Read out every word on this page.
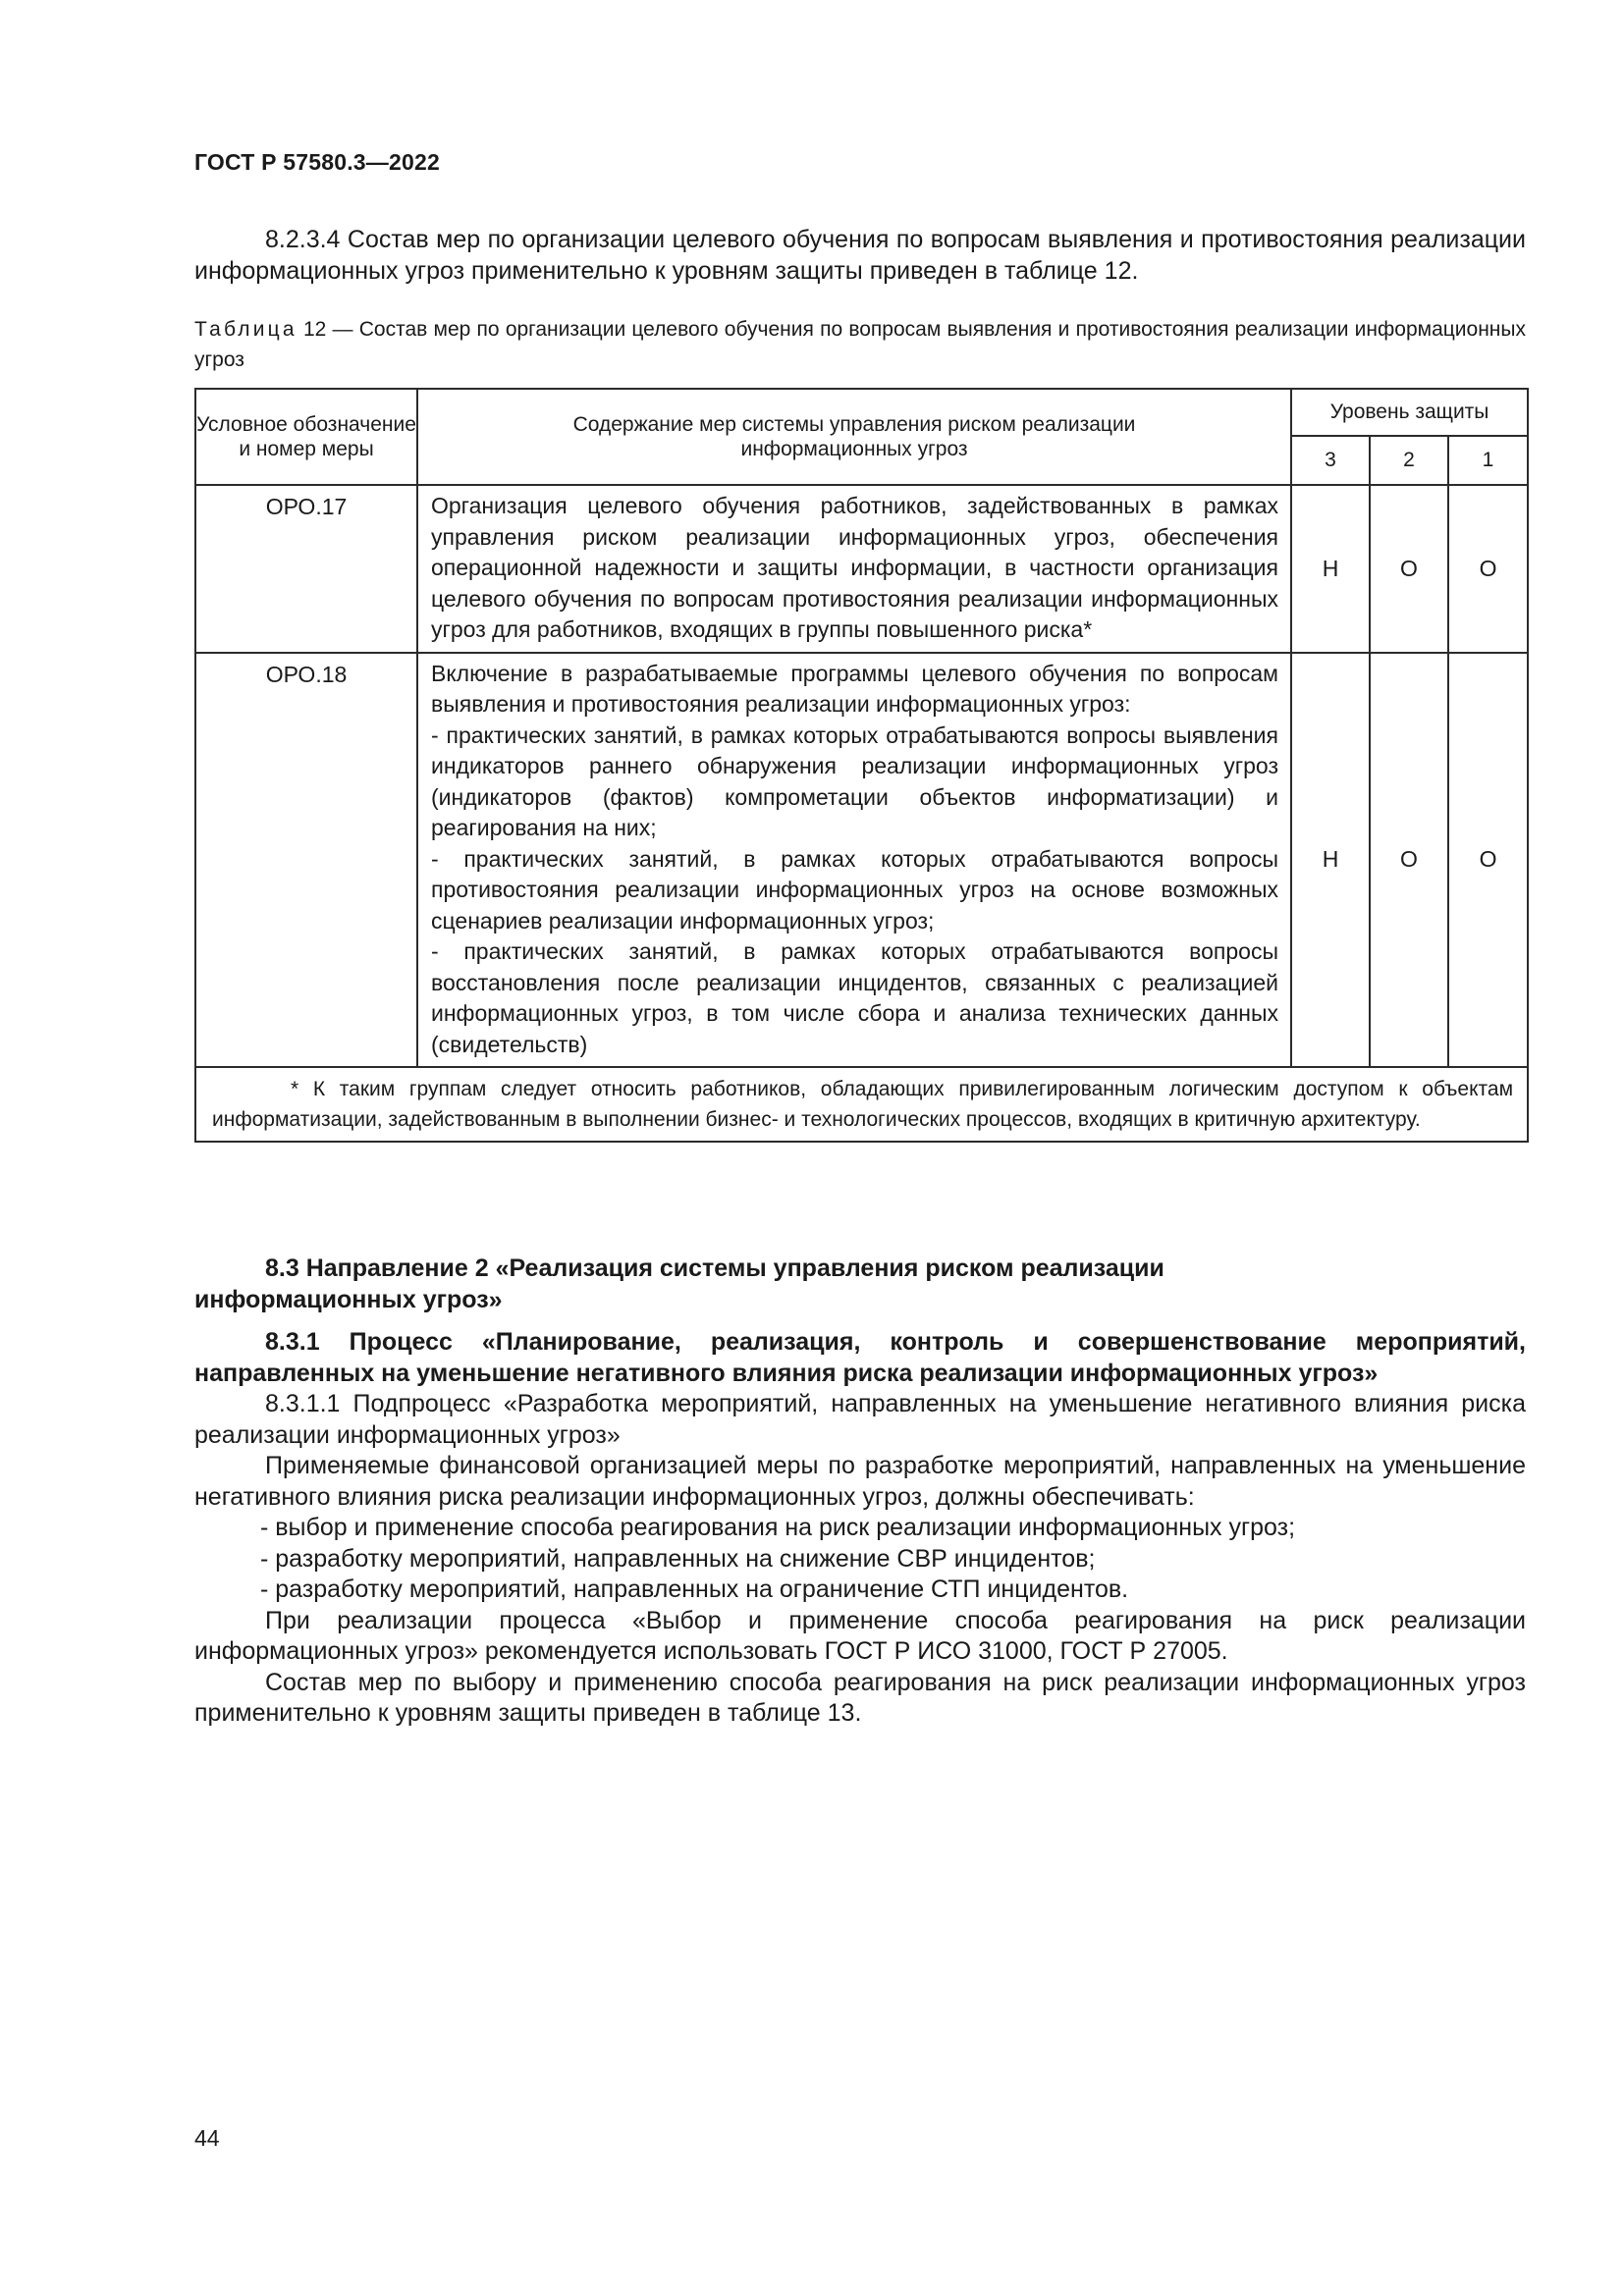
ГОСТ Р 57580.3—2022

8.2.3.4 Состав мер по организации целевого обучения по вопросам выявления и противостояния реализации информационных угроз применительно к уровням защиты приведен в таблице 12.

Таблица 12 — Состав мер по организации целевого обучения по вопросам выявления и противостояния реализации информационных угроз
Условное обозначение и номер меры	Содержание мер системы управления риском реализации информационных угроз	Уровень защиты		
		3	2	1
ОРО.17	Организация целевого обучения работников, задействованных в рамках управления риском реализации информационных угроз, обеспечения операционной надежности и защиты информации, в частности организация целевого обучения по вопросам противостояния реализации информационных угроз для работников, входящих в группы повышенного риска*	Н	О	О
ОРО.18	Включение в разрабатываемые программы целевого обучения по вопросам выявления и противостояния реализации информационных угроз:
- практических занятий, в рамках которых отрабатываются вопросы выявления индикаторов раннего обнаружения реализации информационных угроз (индикаторов (фактов) компрометации объектов информатизации) и реагирования на них;
- практических занятий, в рамках которых отрабатываются вопросы противостояния реализации информационных угроз на основе возможных сценариев реализации информационных угроз;
- практических занятий, в рамках которых отрабатываются вопросы восстановления после реализации инцидентов, связанных с реализацией информационных угроз, в том числе сбора и анализа технических данных (свидетельств)	Н	О	О

* К таким группам следует относить работников, обладающих привилегированным логическим доступом к объектам информатизации, задействованным в выполнении бизнес- и технологических процессов, входящих в критичную архитектуру.				

8.3 Направление 2 «Реализация системы управления риском реализации информационных угроз»

8.3.1 Процесс «Планирование, реализация, контроль и совершенствование мероприятий, направленных на уменьшение негативного влияния риска реализации информационных угроз»

8.3.1.1 Подпроцесс «Разработка мероприятий, направленных на уменьшение негативного влияния риска реализации информационных угроз»

Применяемые финансовой организацией меры по разработке мероприятий, направленных на уменьшение негативного влияния риска реализации информационных угроз, должны обеспечивать:

- выбор и применение способа реагирования на риск реализации информационных угроз;

- разработку мероприятий, направленных на снижение СВР инцидентов;

- разработку мероприятий, направленных на ограничение СТП инцидентов.

При реализации процесса «Выбор и применение способа реагирования на риск реализации информационных угроз» рекомендуется использовать ГОСТ Р ИСО 31000, ГОСТ Р 27005.

Состав мер по выбору и применению способа реагирования на риск реализации информационных угроз применительно к уровням защиты приведен в таблице 13.

44
